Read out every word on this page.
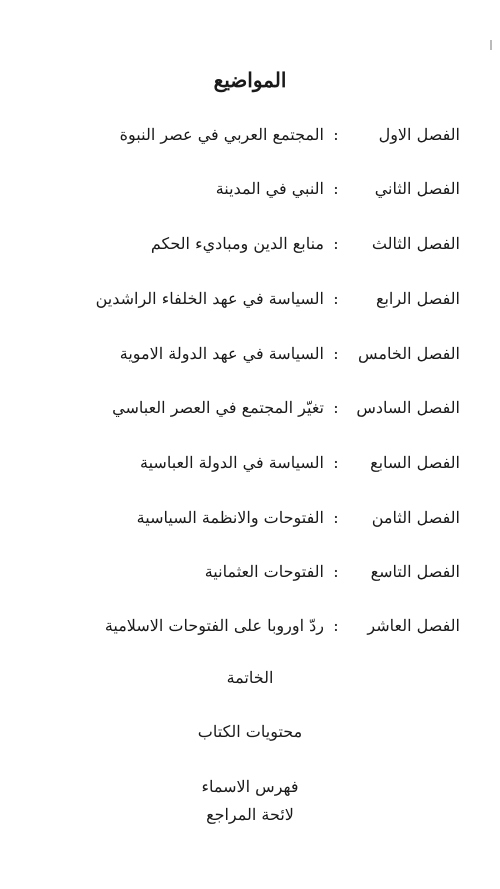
المواضيع
الفصل الاول
:
المجتمع العربي في عصر النبوة
الفصل الثاني
:
النبي في المدينة
الفصل الثالث
:
منابع الدين ومباديء الحكم
الفصل الرابع
:
السياسة في عهد الخلفاء الراشدين
الفصل الخامس
:
السياسة في عهد الدولة الاموية
الفصل السادس
:
تغيّر المجتمع في العصر العباسي
الفصل السابع
:
السياسة في الدولة العباسية
الفصل الثامن
:
الفتوحات والانظمة السياسية
الفصل التاسع
:
الفتوحات العثمانية
الفصل العاشر
:
ردّ اوروبا على الفتوحات الاسلامية
الخاتمة
محتويات الكتاب
فهرس الاسماء
لائحة المراجع
